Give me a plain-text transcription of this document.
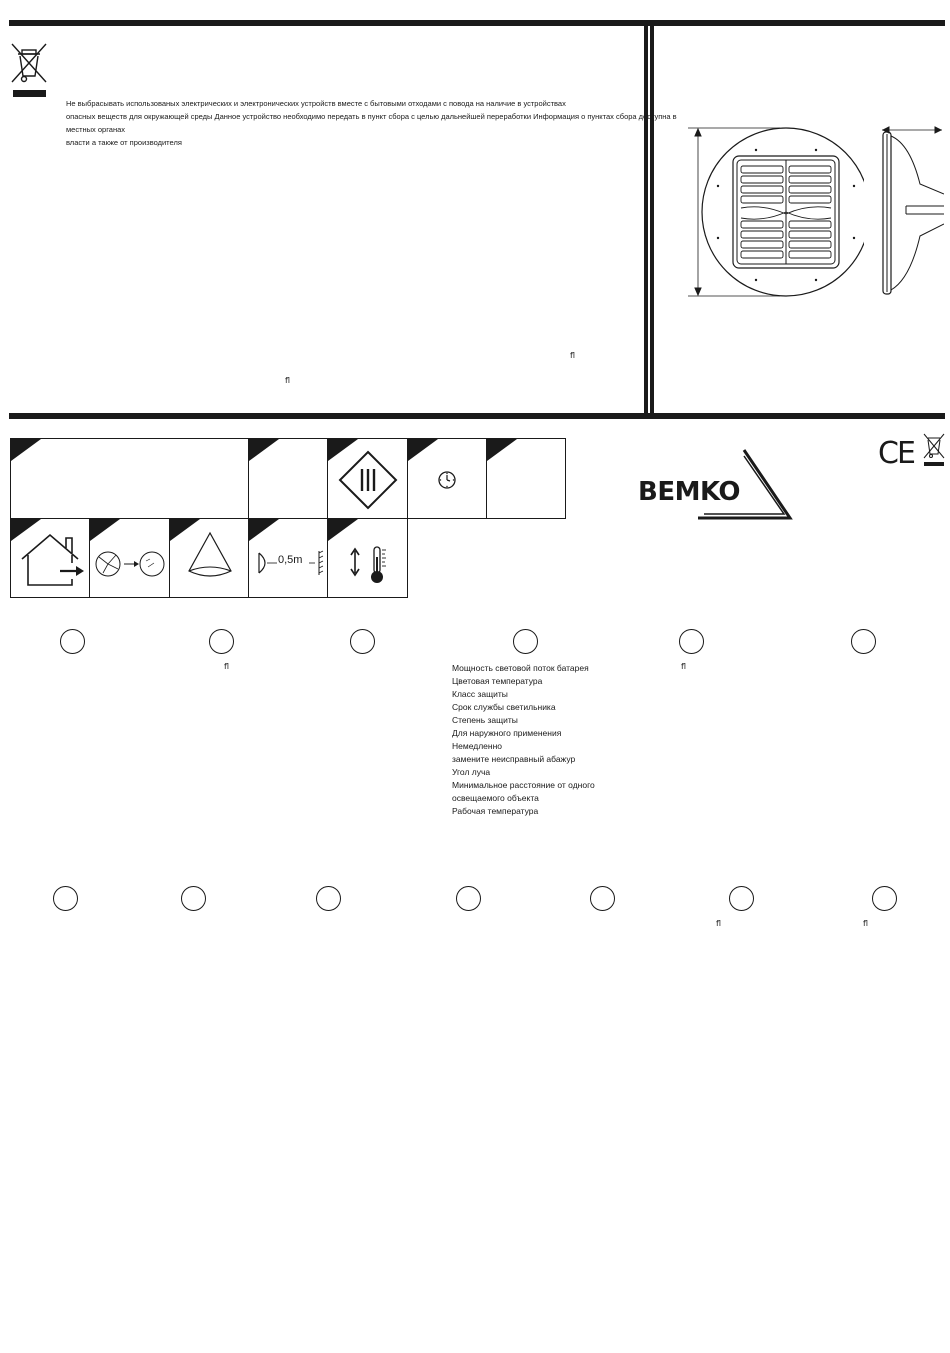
Не выбрасывать использованых электрических и электронических устройств вместе с бытовыми отходами с повода на наличие в устройствах
опасных веществ для окружающей среды Данное устройство необходимо передать в пункт сбора с целью дальнейшей переработки Информация о пунктах сбора доступна в
местных органах
власти а также от производителя
ﬂ
ﬂ
0,5m
BEMKO
CE
ﬂ	ﬂ
Мощность световой поток батарея
Цветовая температура
Класс защиты
Срок службы светильника
Степень защиты
Для наружного применения
Немедленно
замените неисправный абажур
Угол луча
Минимальное расстояние от одного
освещаемого объекта
Рабочая температура
ﬂ	ﬂ
